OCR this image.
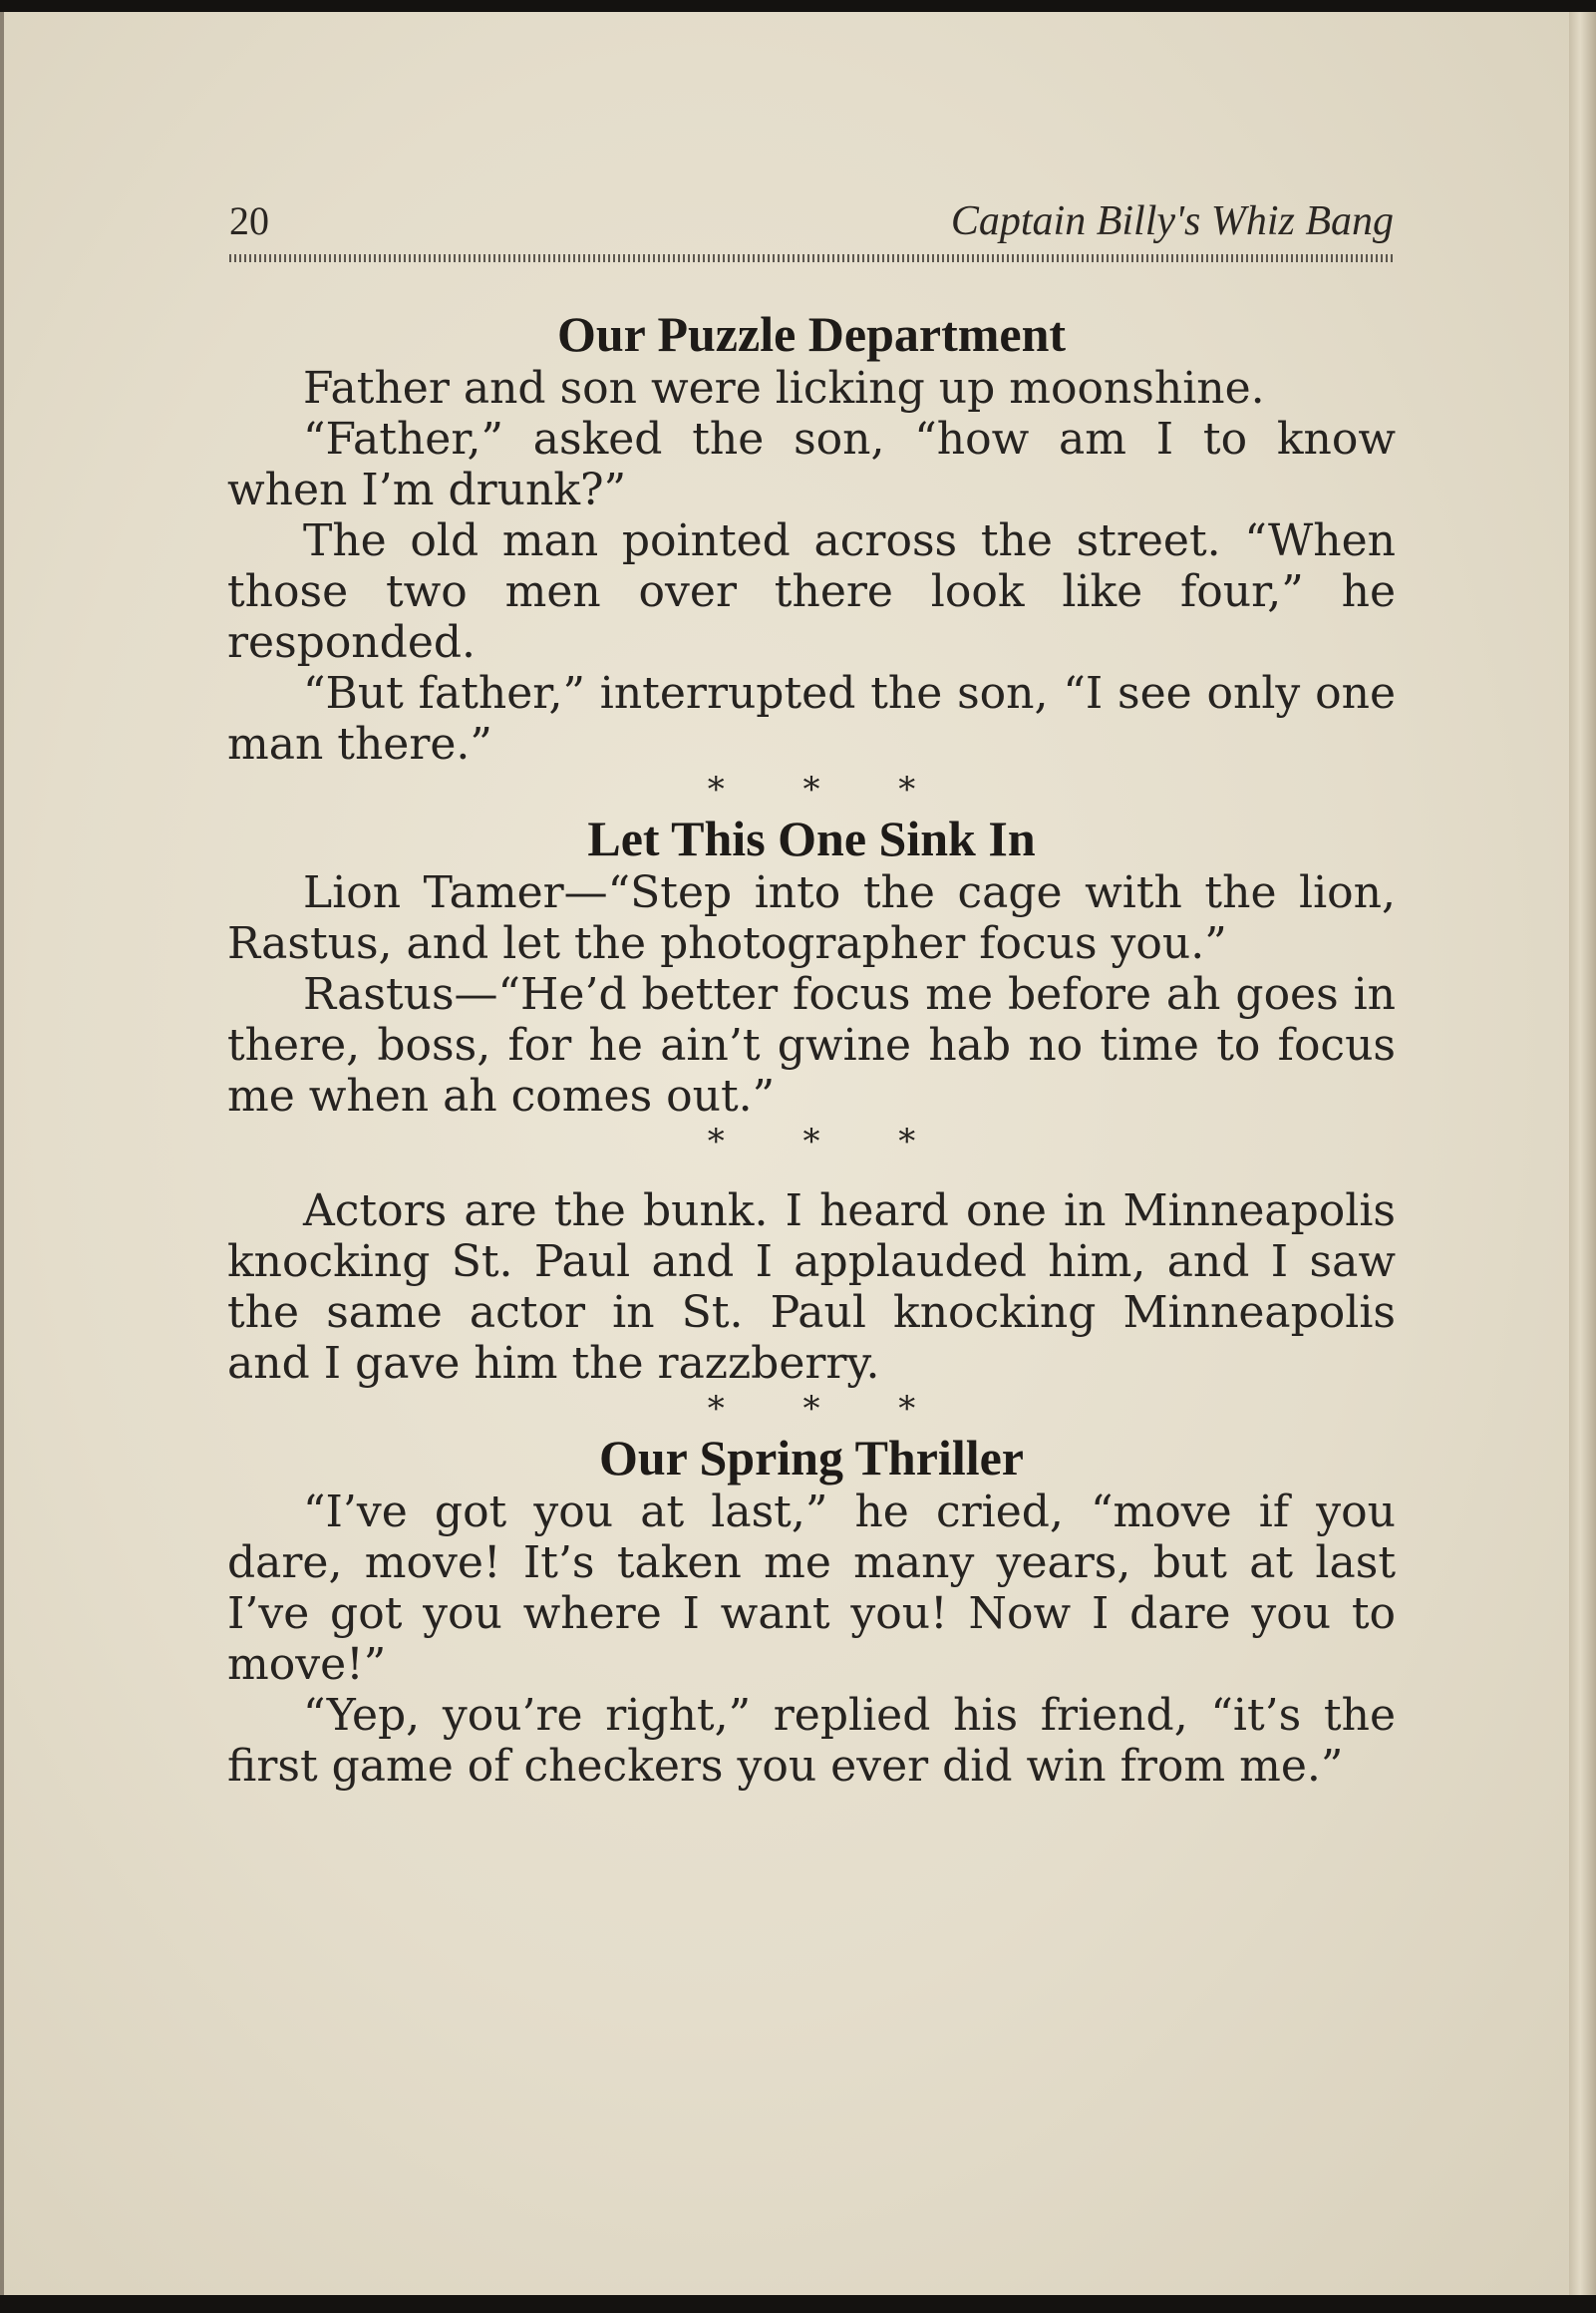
20	Captain Billy's Whiz Bang
Our Puzzle Department

Father and son were licking up moonshine.

“Father,” asked the son, “how am I to know when I’m drunk?”

The old man pointed across the street. “When those two men over there look like four,” he responded.

“But father,” interrupted the son, “I see only one man there.”

* * *
Let This One Sink In

Lion Tamer—“Step into the cage with the lion, Rastus, and let the photographer focus you.”

Rastus—“He’d better focus me before ah goes in there, boss, for he ain’t gwine hab no time to focus me when ah comes out.”

* * *

Actors are the bunk. I heard one in Minneapolis knocking St. Paul and I applauded him, and I saw the same actor in St. Paul knocking Minneapolis and I gave him the razzberry.

* * *
Our Spring Thriller

“I’ve got you at last,” he cried, “move if you dare, move! It’s taken me many years, but at last I’ve got you where I want you! Now I dare you to move!”

“Yep, you’re right,” replied his friend, “it’s the first game of checkers you ever did win from me.”
